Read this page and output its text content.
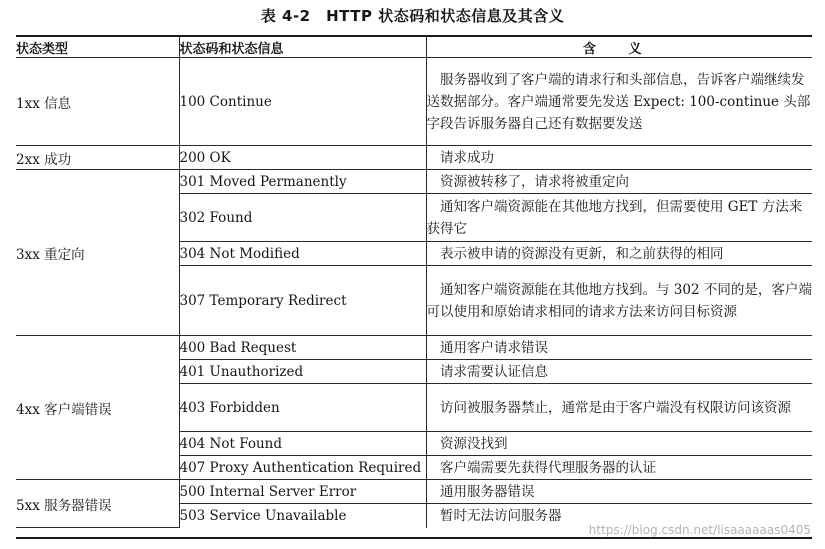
表 4-2　HTTP 状态码和状态信息及其含义
状态类型	状态码和状态信息	含 义
1xx 信息	100 Continue	服务器收到了客户端的请求行和头部信息，告诉客户端继续发送数据部分。客户端通常要先发送 Expect: 100-continue 头部字段告诉服务器自己还有数据要发送
2xx 成功	200 OK	请求成功
3xx 重定向	301 Moved Permanently	资源被转移了，请求将被重定向
	302 Found	通知客户端资源能在其他地方找到，但需要使用 GET 方法来获得它
	304 Not Modified	表示被申请的资源没有更新，和之前获得的相同
	307 Temporary Redirect	通知客户端资源能在其他地方找到。与 302 不同的是，客户端可以使用和原始请求相同的请求方法来访问目标资源
4xx 客户端错误	400 Bad Request	通用客户请求错误
	401 Unauthorized	请求需要认证信息
	403 Forbidden	访问被服务器禁止，通常是由于客户端没有权限访问该资源
	404 Not Found	资源没找到
	407 Proxy Authentication Required	客户端需要先获得代理服务器的认证
5xx 服务器错误	500 Internal Server Error	通用服务器错误
	503 Service Unavailable	暂时无法访问服务器
https://blog.csdn.net/lisaaaaaas0405
